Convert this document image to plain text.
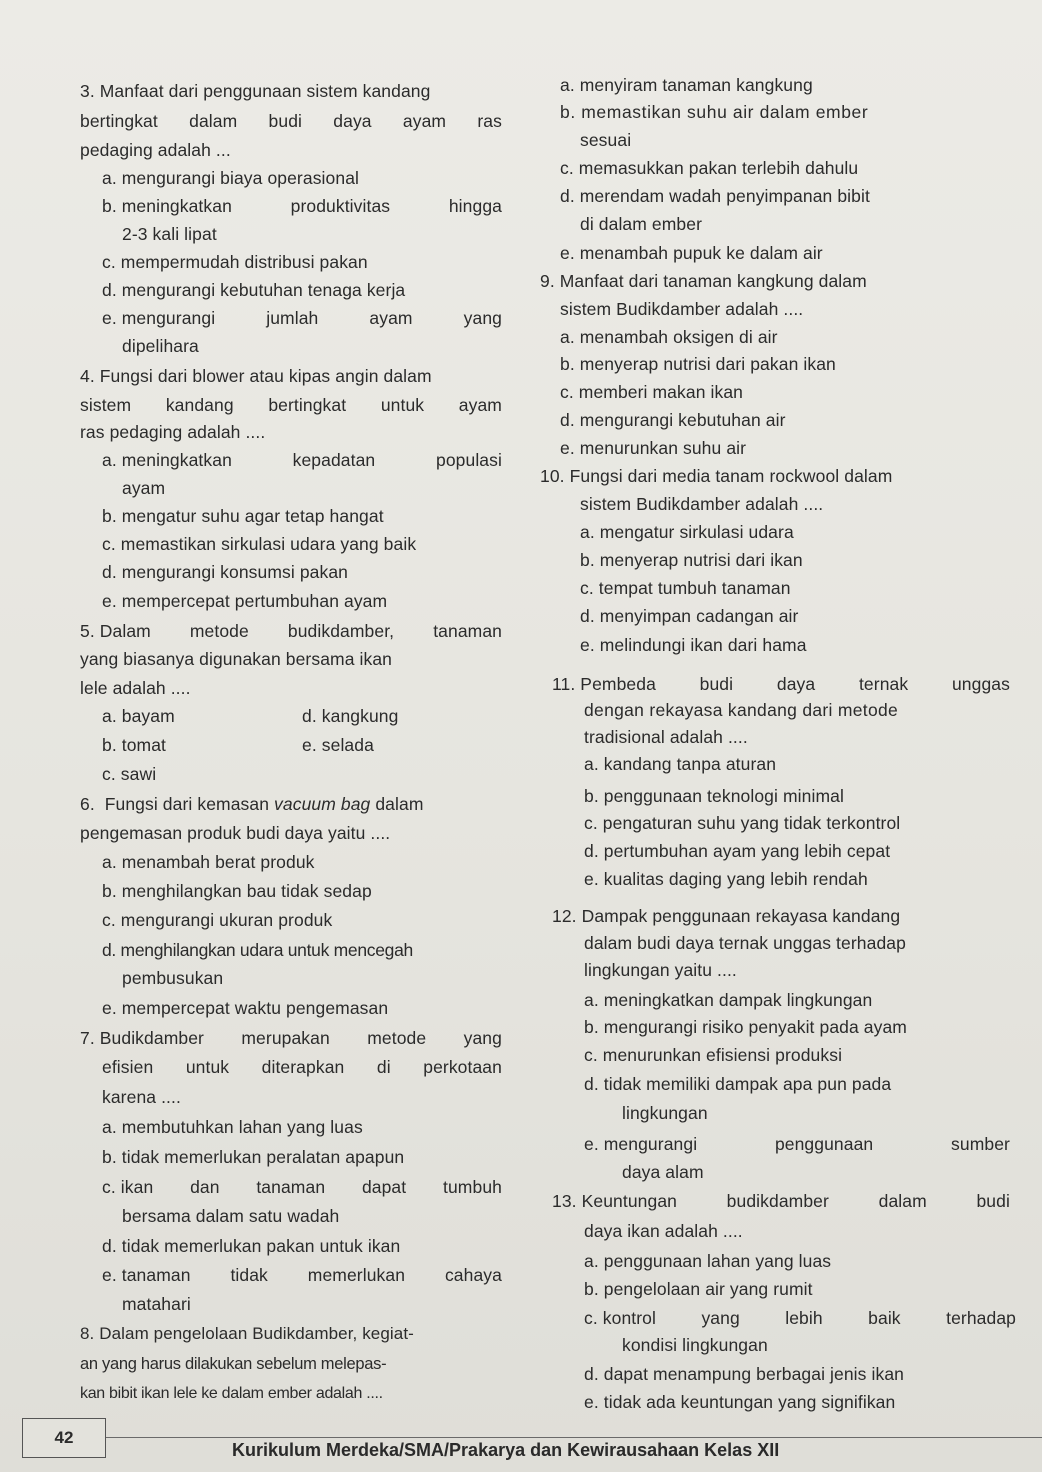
3. Manfaat dari penggunaan sistem kandang
bertingkat dalam budi daya ayam ras
pedaging adalah ...
a. mengurangi biaya operasional
b. meningkatkan	produktivitas	hingga
2-3 kali lipat
c. mempermudah distribusi pakan
d. mengurangi kebutuhan tenaga kerja
e. mengurangi	jumlah	ayam	yang
dipelihara
4. Fungsi dari blower atau kipas angin dalam
sistem kandang bertingkat untuk ayam
ras pedaging adalah ....
a. meningkatkan	kepadatan	populasi
ayam
b. mengatur suhu agar tetap hangat
c. memastikan sirkulasi udara yang baik
d. mengurangi konsumsi pakan
e. mempercepat pertumbuhan ayam
5. Dalam metode budikdamber, tanaman
yang biasanya digunakan bersama ikan
lele adalah ....
a. bayam	d. kangkung
b. tomat	e. selada
c. sawi
6.  Fungsi dari kemasan vacuum bag dalam
pengemasan produk budi daya yaitu ....
a. menambah berat produk
b. menghilangkan bau tidak sedap
c. mengurangi ukuran produk
d. menghilangkan udara untuk mencegah
pembusukan
e. mempercepat waktu pengemasan
7. Budikdamber merupakan metode yang
efisien untuk diterapkan di perkotaan
karena ....
a. membutuhkan lahan yang luas
b. tidak memerlukan peralatan apapun
c. ikan dan tanaman dapat tumbuh
bersama dalam satu wadah
d. tidak memerlukan pakan untuk ikan
e. tanaman tidak memerlukan cahaya
matahari
8. Dalam pengelolaan Budikdamber, kegiat-
an yang harus dilakukan sebelum melepas-
kan bibit ikan lele ke dalam ember adalah ....
a. menyiram tanaman kangkung
b. memastikan suhu air dalam ember
sesuai
c. memasukkan pakan terlebih dahulu
d. merendam wadah penyimpanan bibit
di dalam ember
e. menambah pupuk ke dalam air
9. Manfaat dari tanaman kangkung dalam
sistem Budikdamber adalah ....
a. menambah oksigen di air
b. menyerap nutrisi dari pakan ikan
c. memberi makan ikan
d. mengurangi kebutuhan air
e. menurunkan suhu air
10. Fungsi dari media tanam rockwool dalam
sistem Budikdamber adalah ....
a. mengatur sirkulasi udara
b. menyerap nutrisi dari ikan
c. tempat tumbuh tanaman
d. menyimpan cadangan air
e. melindungi ikan dari hama
11. Pembeda budi daya ternak unggas
dengan rekayasa kandang dari metode
tradisional adalah ....
a. kandang tanpa aturan
b. penggunaan teknologi minimal
c. pengaturan suhu yang tidak terkontrol
d. pertumbuhan ayam yang lebih cepat
e. kualitas daging yang lebih rendah
12. Dampak penggunaan rekayasa kandang
dalam budi daya ternak unggas terhadap
lingkungan yaitu ....
a. meningkatkan dampak lingkungan
b. mengurangi risiko penyakit pada ayam
c. menurunkan efisiensi produksi
d. tidak memiliki dampak apa pun pada
lingkungan
e. mengurangi	penggunaan	sumber
daya alam
13. Keuntungan	budikdamber	dalam	budi
daya ikan adalah ....
a. penggunaan lahan yang luas
b. pengelolaan air yang rumit
c. kontrol	yang	lebih	baik	terhadap
kondisi lingkungan
d. dapat menampung berbagai jenis ikan
e. tidak ada keuntungan yang signifikan
42
Kurikulum Merdeka/SMA/Prakarya dan Kewirausahaan Kelas XII
